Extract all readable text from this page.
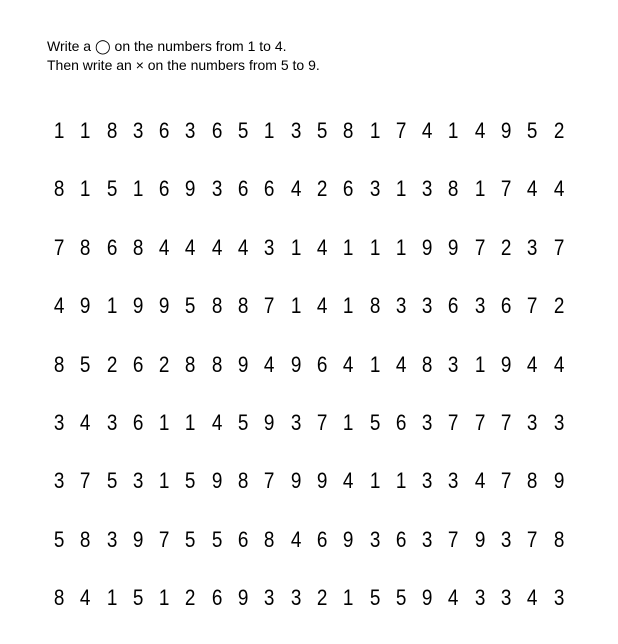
Write a ◯ on the numbers from 1 to 4.
Then write an × on the numbers from 5 to 9.
1 1 8 3 6 3 6 5 1 3 5 8 1 7 4 1 4 9 5 2
8 1 5 1 6 9 3 6 6 4 2 6 3 1 3 8 1 7 4 4
7 8 6 8 4 4 4 4 3 1 4 1 1 1 9 9 7 2 3 7
4 9 1 9 9 5 8 8 7 1 4 1 8 3 3 6 3 6 7 2
8 5 2 6 2 8 8 9 4 9 6 4 1 4 8 3 1 9 4 4
3 4 3 6 1 1 4 5 9 3 7 1 5 6 3 7 7 7 3 3
3 7 5 3 1 5 9 8 7 9 9 4 1 1 3 3 4 7 8 9
5 8 3 9 7 5 5 6 8 4 6 9 3 6 3 7 9 3 7 8
8 4 1 5 1 2 6 9 3 3 2 1 5 5 9 4 3 3 4 3
